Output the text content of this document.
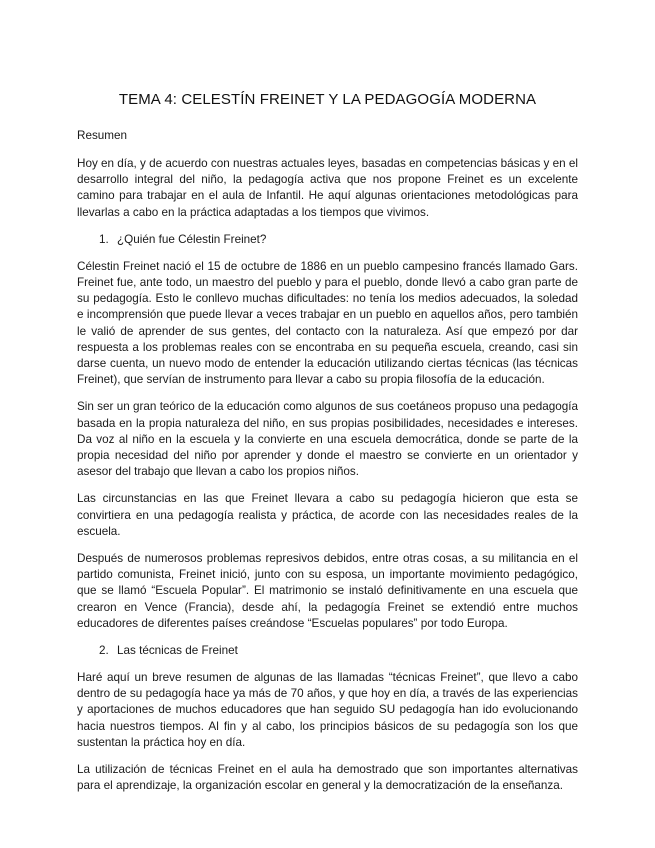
TEMA 4: CELESTÍN FREINET Y LA PEDAGOGÍA MODERNA
Resumen

Hoy en día, y de acuerdo con nuestras actuales leyes, basadas en competencias básicas y en el desarrollo integral del niño, la pedagogía activa que nos propone Freinet es un excelente camino para trabajar en el aula de Infantil. He aquí algunas orientaciones metodológicas para llevarlas a cabo en la práctica adaptadas a los tiempos que vivimos.

1. ¿Quién fue Célestin Freinet?

Célestin Freinet nació el 15 de octubre de 1886 en un pueblo campesino francés llamado Gars. Freinet fue, ante todo, un maestro del pueblo y para el pueblo, donde llevó a cabo gran parte de su pedagogía. Esto le conllevo muchas dificultades: no tenía los medios adecuados, la soledad e incomprensión que puede llevar a veces trabajar en un pueblo en aquellos años, pero también le valió de aprender de sus gentes, del contacto con la naturaleza. Así que empezó por dar respuesta a los problemas reales con se encontraba en su pequeña escuela, creando, casi sin darse cuenta, un nuevo modo de entender la educación utilizando ciertas técnicas (las técnicas Freinet), que servían de instrumento para llevar a cabo su propia filosofía de la educación.

Sin ser un gran teórico de la educación como algunos de sus coetáneos propuso una pedagogía basada en la propia naturaleza del niño, en sus propias posibilidades, necesidades e intereses. Da voz al niño en la escuela y la convierte en una escuela democrática, donde se parte de la propia necesidad del niño por aprender y donde el maestro se convierte en un orientador y asesor del trabajo que llevan a cabo los propios niños.

Las circunstancias en las que Freinet llevara a cabo su pedagogía hicieron que esta se convirtiera en una pedagogía realista y práctica, de acorde con las necesidades reales de la escuela.

Después de numerosos problemas represivos debidos, entre otras cosas, a su militancia en el partido comunista, Freinet inició, junto con su esposa, un importante movimiento pedagógico, que se llamó “Escuela Popular”. El matrimonio se instaló definitivamente en una escuela que crearon en Vence (Francia), desde ahí, la pedagogía Freinet se extendió entre muchos educadores de diferentes países creándose “Escuelas populares” por todo Europa.

2. Las técnicas de Freinet

Haré aquí un breve resumen de algunas de las llamadas “técnicas Freinet”, que llevo a cabo dentro de su pedagogía hace ya más de 70 años, y que hoy en día, a través de las experiencias y aportaciones de muchos educadores que han seguido SU pedagogía han ido evolucionando hacia nuestros tiempos. Al fin y al cabo, los principios básicos de su pedagogía son los que sustentan la práctica hoy en día.

La utilización de técnicas Freinet en el aula ha demostrado que son importantes alternativas para el aprendizaje, la organización escolar en general y la democratización de la enseñanza.
